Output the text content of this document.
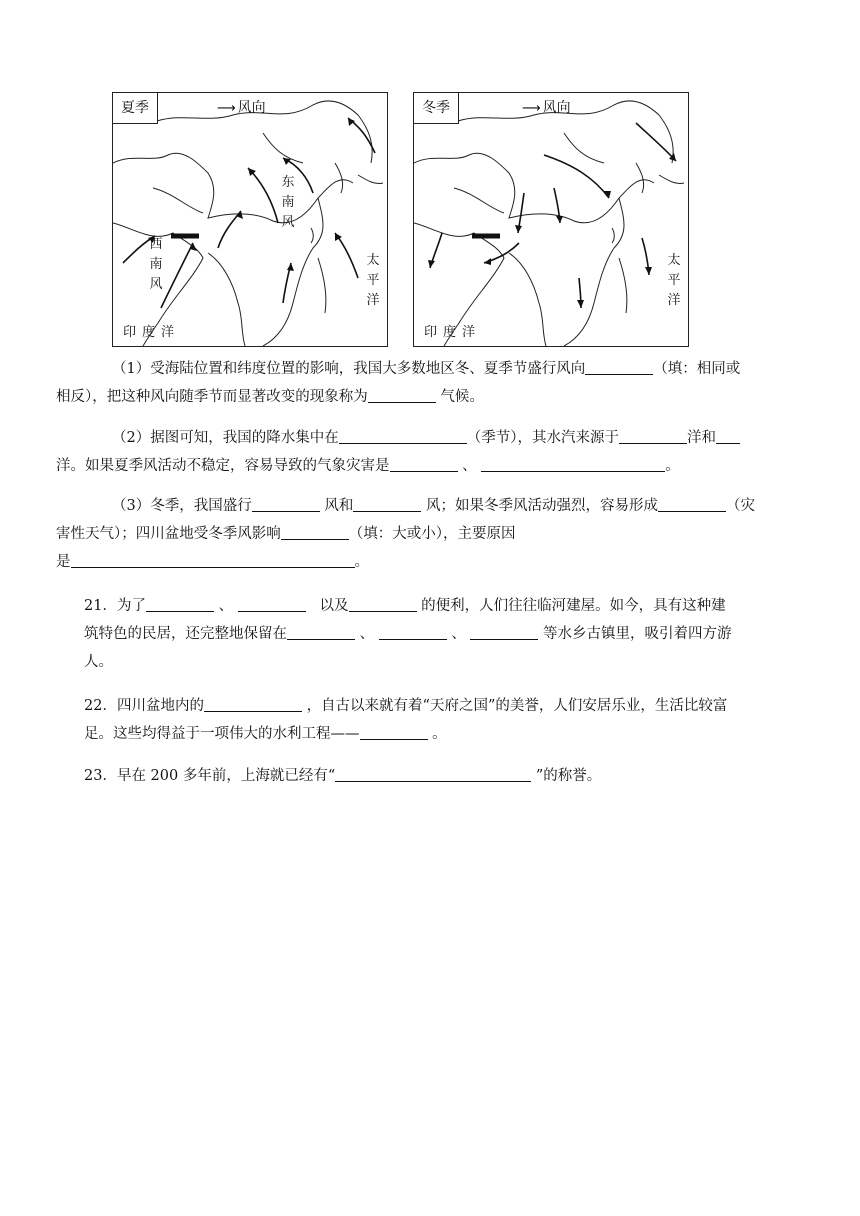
夏季	⟶ 风向
东南风
西南风
太平洋
印度洋
冬季	⟶ 风向
太平洋
印度洋
（1）受海陆位置和纬度位置的影响，我国大多数地区冬、夏季节盛行风向	（填：相同或
相反），把这种风向随季节而显著改变的现象称为	气候。
（2）据图可知，我国的降水集中在	（季节），其水汽来源于	洋和
洋。如果夏季风活动不稳定，容易导致的气象灾害是	、	。
（3）冬季，我国盛行	风和	风；如果冬季风活动强烈，容易形成	（灾
害性天气）；四川盆地受冬季风影响	（填：大或小），主要原因
是	。
21．为了	、	以及	的便利，人们往往临河建屋。如今，具有这种建
筑特色的民居，还完整地保留在	、	、	等水乡古镇里，吸引着四方游
人。
22．四川盆地内的	，自古以来就有着“天府之国”的美誉，人们安居乐业，生活比较富
足。这些均得益于一项伟大的水利工程——	。
23．早在 200 多年前，上海就已经有“	”的称誉。
